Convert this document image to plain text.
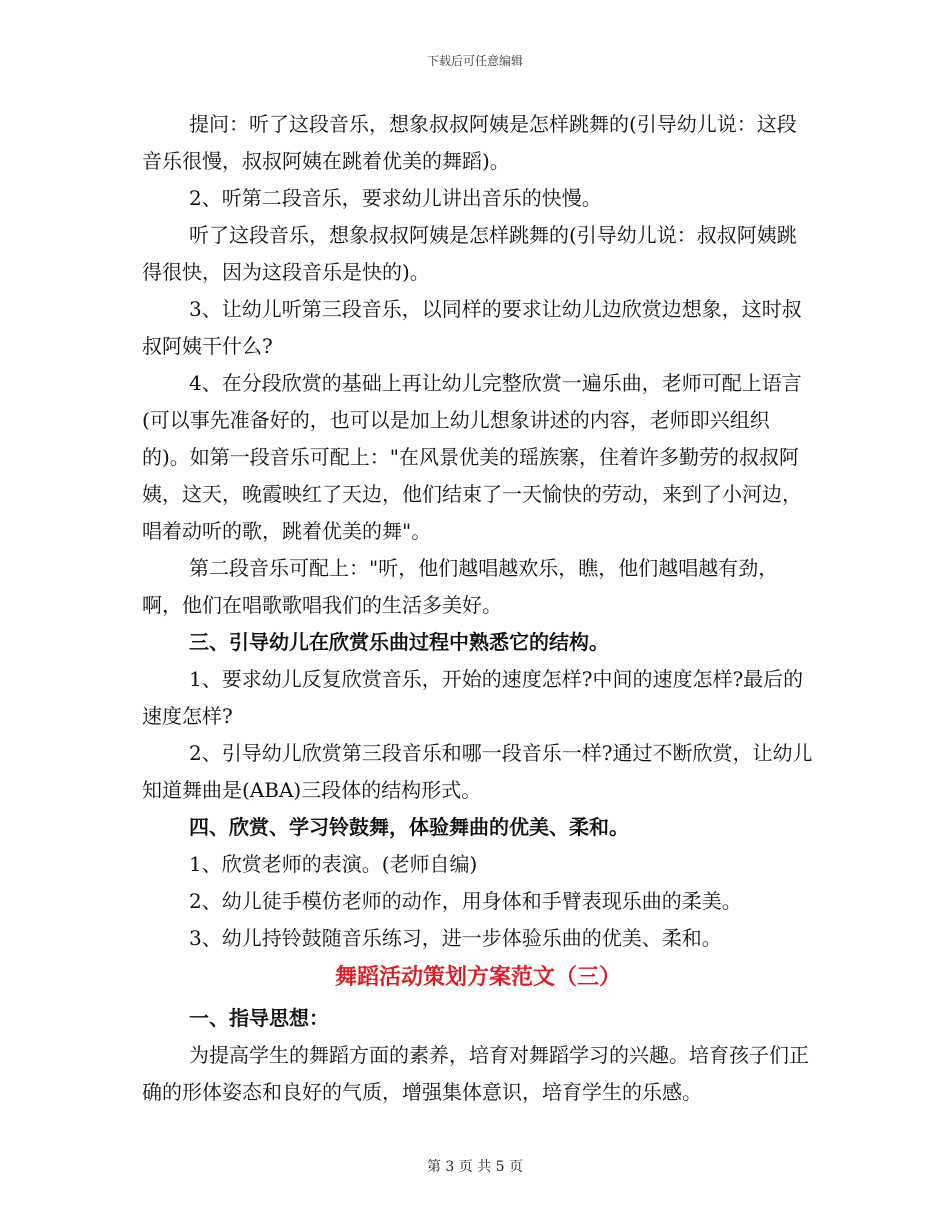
下载后可任意编辑

提问：听了这段音乐，想象叔叔阿姨是怎样跳舞的(引导幼儿说：这段音乐很慢，叔叔阿姨在跳着优美的舞蹈)。

2、听第二段音乐，要求幼儿讲出音乐的快慢。

听了这段音乐，想象叔叔阿姨是怎样跳舞的(引导幼儿说：叔叔阿姨跳得很快，因为这段音乐是快的)。

3、让幼儿听第三段音乐，以同样的要求让幼儿边欣赏边想象，这时叔叔阿姨干什么?

4、在分段欣赏的基础上再让幼儿完整欣赏一遍乐曲，老师可配上语言(可以事先准备好的，也可以是加上幼儿想象讲述的内容，老师即兴组织的)。如第一段音乐可配上："在风景优美的瑶族寨，住着许多勤劳的叔叔阿姨，这天，晚霞映红了天边，他们结束了一天愉快的劳动，来到了小河边，唱着动听的歌，跳着优美的舞"。

第二段音乐可配上："听，他们越唱越欢乐，瞧，他们越唱越有劲，啊，他们在唱歌歌唱我们的生活多美好。

三、引导幼儿在欣赏乐曲过程中熟悉它的结构。

1、要求幼儿反复欣赏音乐，开始的速度怎样?中间的速度怎样?最后的速度怎样?

2、引导幼儿欣赏第三段音乐和哪一段音乐一样?通过不断欣赏，让幼儿知道舞曲是(ABA)三段体的结构形式。

四、欣赏、学习铃鼓舞，体验舞曲的优美、柔和。

1、欣赏老师的表演。(老师自编)

2、幼儿徒手模仿老师的动作，用身体和手臂表现乐曲的柔美。

3、幼儿持铃鼓随音乐练习，进一步体验乐曲的优美、柔和。

舞蹈活动策划方案范文（三）

一、指导思想：

为提高学生的舞蹈方面的素养，培育对舞蹈学习的兴趣。培育孩子们正确的形体姿态和良好的气质，增强集体意识，培育学生的乐感。

第 3 页 共 5 页
